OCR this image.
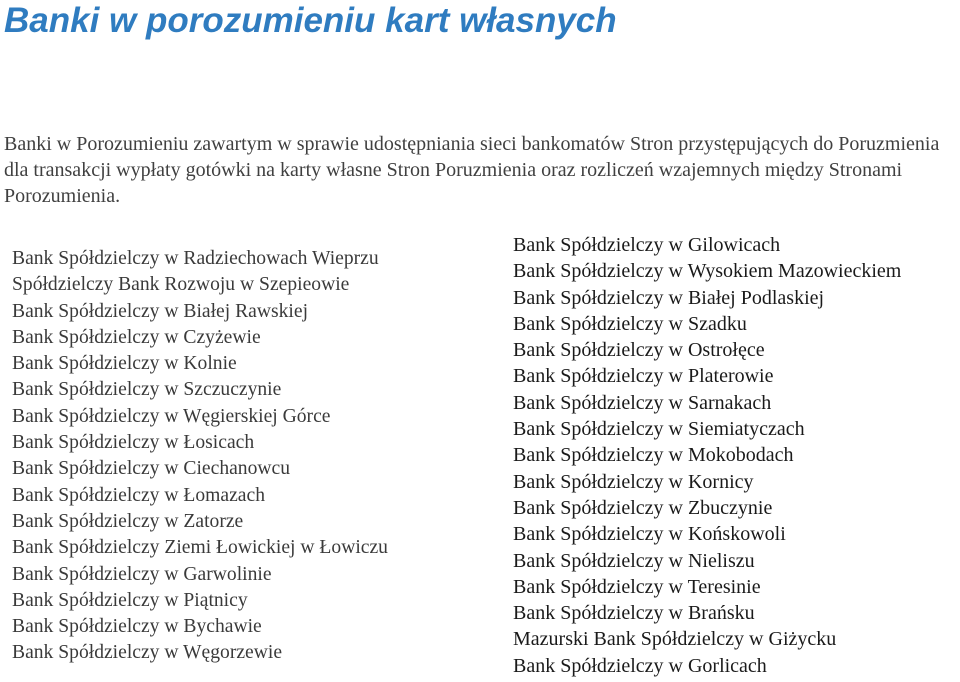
Banki w porozumieniu kart własnych

Banki w Porozumieniu zawartym w sprawie udostępniania sieci bankomatów Stron przystępujących do Poruzmienia dla transakcji wypłaty gotówki na karty własne Stron Poruzmienia oraz rozliczeń wzajemnych między Stronami Porozumienia.

Bank Spółdzielczy w Radziechowach Wieprzu
Spółdzielczy Bank Rozwoju w Szepieowie
Bank Spółdzielczy w Białej Rawskiej
Bank Spółdzielczy w Czyżewie
Bank Spółdzielczy w Kolnie
Bank Spółdzielczy w Szczuczynie
Bank Spółdzielczy w Węgierskiej Górce
Bank Spółdzielczy w Łosicach
Bank Spółdzielczy w Ciechanowcu
Bank Spółdzielczy w Łomazach
Bank Spółdzielczy w Zatorze
Bank Spółdzielczy Ziemi Łowickiej w Łowiczu
Bank Spółdzielczy w Garwolinie
Bank Spółdzielczy w Piątnicy
Bank Spółdzielczy w Bychawie
Bank Spółdzielczy w Węgorzewie
Bank Spółdzielczy w Gilowicach
Bank Spółdzielczy w Wysokiem Mazowieckiem
Bank Spółdzielczy w Białej Podlaskiej
Bank Spółdzielczy w Szadku
Bank Spółdzielczy w Ostrołęce
Bank Spółdzielczy w Platerowie
Bank Spółdzielczy w Sarnakach
Bank Spółdzielczy w Siemiatyczach
Bank Spółdzielczy w Mokobodach
Bank Spółdzielczy w Kornicy
Bank Spółdzielczy w Zbuczynie
Bank Spółdzielczy w Końskowoli
Bank Spółdzielczy w Nieliszu
Bank Spółdzielczy w Teresinie
Bank Spółdzielczy w Brańsku
Mazurski Bank Spółdzielczy w Giżycku
Bank Spółdzielczy w Gorlicach
